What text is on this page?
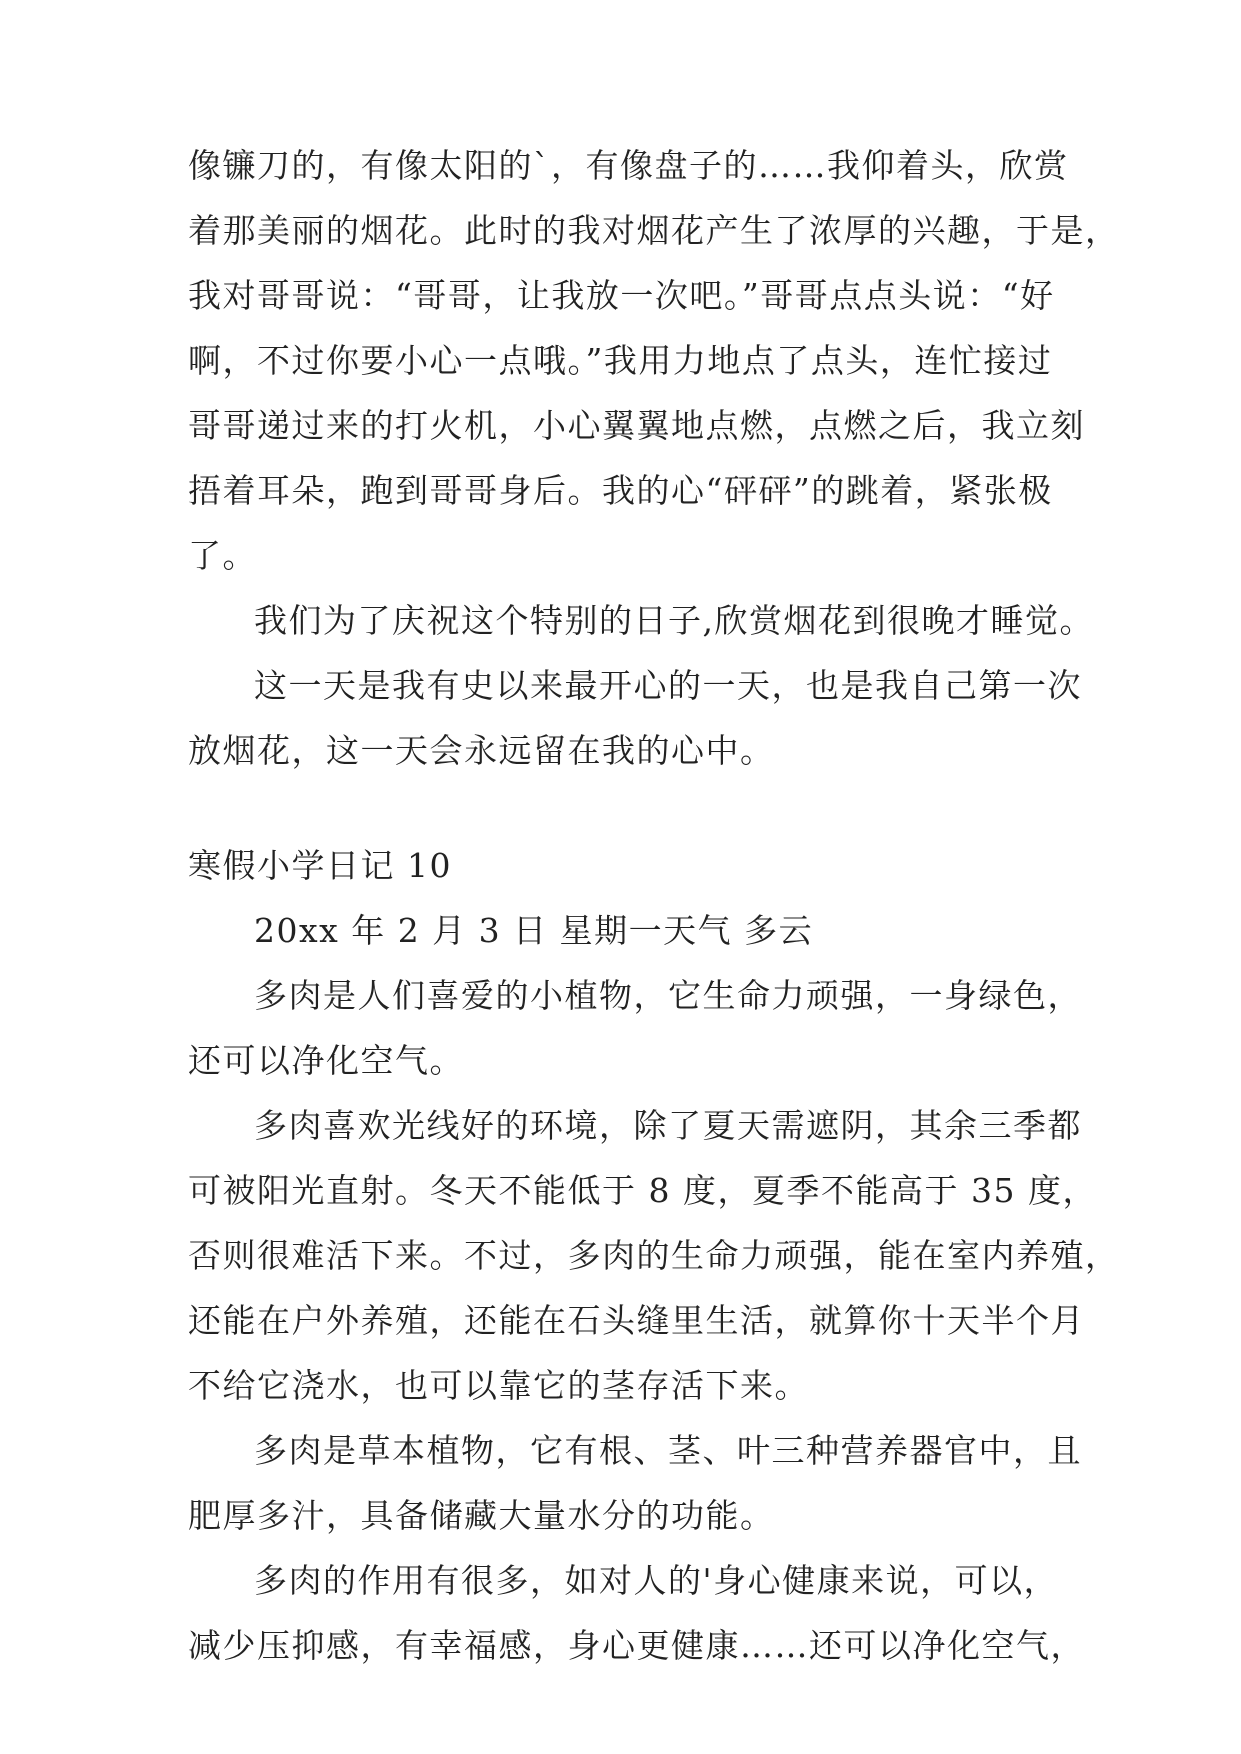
像镰刀的，有像太阳的`，有像盘子的……我仰着头，欣赏
着那美丽的烟花。此时的我对烟花产生了浓厚的兴趣，于是，
我对哥哥说：“哥哥，让我放一次吧。”哥哥点点头说：“好
啊，不过你要小心一点哦。”我用力地点了点头，连忙接过
哥哥递过来的打火机，小心翼翼地点燃，点燃之后，我立刻
捂着耳朵，跑到哥哥身后。我的心“砰砰”的跳着，紧张极
了。
我们为了庆祝这个特别的日子,欣赏烟花到很晚才睡觉。
这一天是我有史以来最开心的一天，也是我自己第一次
放烟花，这一天会永远留在我的心中。
寒假小学日记 10
20xx 年 2 月 3 日 星期一天气 多云
多肉是人们喜爱的小植物，它生命力顽强，一身绿色，
还可以净化空气。
多肉喜欢光线好的环境，除了夏天需遮阴，其余三季都
可被阳光直射。冬天不能低于 8 度，夏季不能高于 35 度，
否则很难活下来。不过，多肉的生命力顽强，能在室内养殖，
还能在户外养殖，还能在石头缝里生活，就算你十天半个月
不给它浇水，也可以靠它的茎存活下来。
多肉是草本植物，它有根、茎、叶三种营养器官中，且
肥厚多汁，具备储藏大量水分的功能。
多肉的作用有很多，如对人的'身心健康来说，可以，
减少压抑感，有幸福感，身心更健康……还可以净化空气，
